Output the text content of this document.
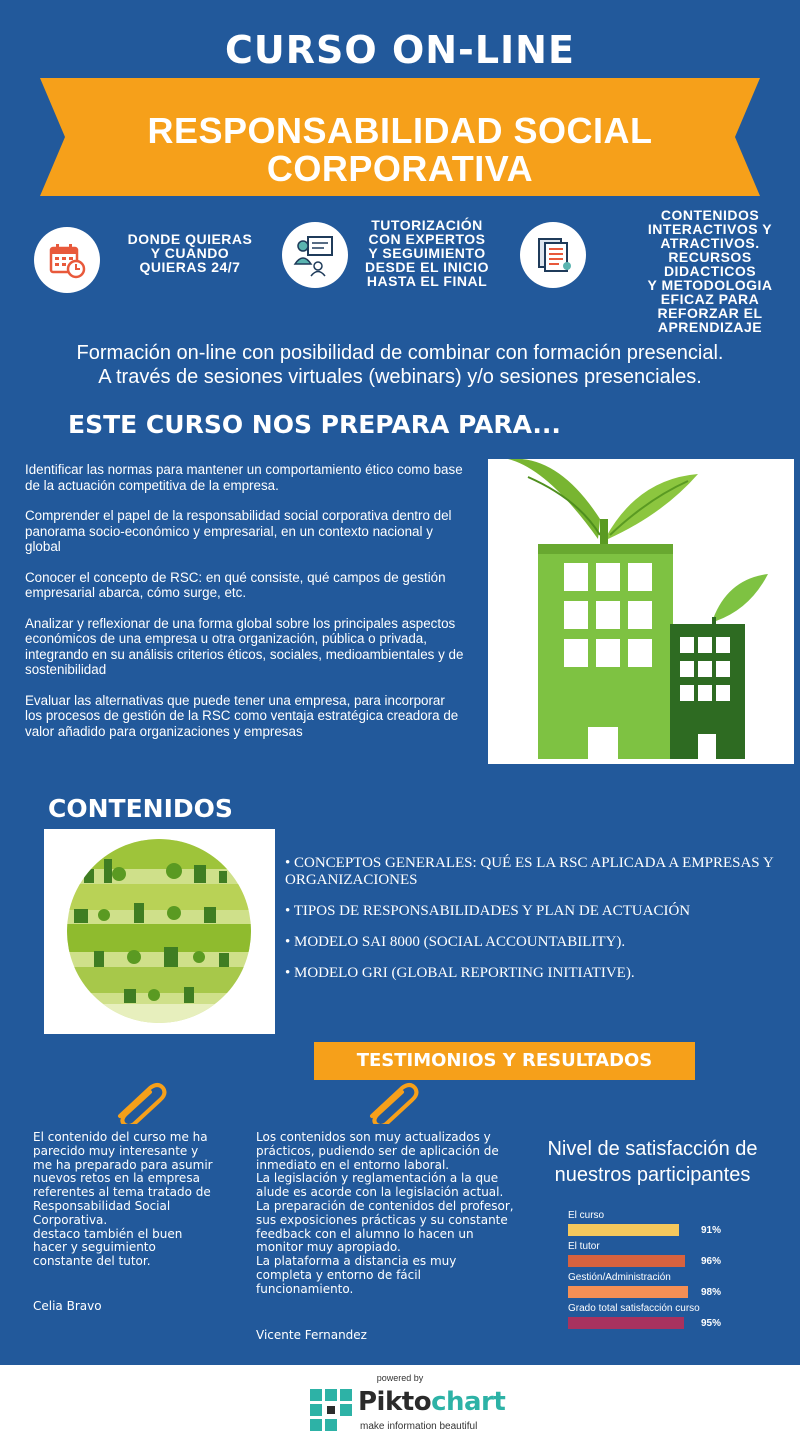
CURSO ON-LINE
RESPONSABILIDAD SOCIAL
CORPORATIVA
DONDE QUIERAS
Y CUANDO
QUIERAS 24/7
TUTORIZACIÓN
CON EXPERTOS
Y SEGUIMIENTO
DESDE EL INICIO
HASTA EL FINAL
CONTENIDOS
INTERACTIVOS Y
ATRACTIVOS.
RECURSOS DIDACTICOS
Y METODOLOGIA
EFICAZ PARA
REFORZAR EL
APRENDIZAJE
Formación on-line con posibilidad de combinar con formación presencial.
A través de sesiones virtuales (webinars) y/o sesiones presenciales.
ESTE CURSO NOS PREPARA PARA...

Identificar las normas para mantener un comportamiento ético como base de la actuación competitiva de la empresa.

Comprender el papel de la responsabilidad social corporativa dentro del panorama socio-económico y empresarial, en un contexto nacional y global

Conocer el concepto de RSC: en qué consiste, qué campos de gestión empresarial abarca, cómo surge, etc.

Analizar y reflexionar de una forma global sobre los principales aspectos económicos de una empresa u otra organización, pública o privada, integrando en su análisis criterios éticos, sociales, medioambientales y de sostenibilidad

Evaluar las alternativas que puede tener una empresa, para incorporar los procesos de gestión de la RSC como ventaja estratégica creadora de valor añadido para organizaciones y empresas

CONTENIDOS
• CONCEPTOS GENERALES: QUÉ ES LA RSC APLICADA A EMPRESAS Y ORGANIZACIONES
• TIPOS DE RESPONSABILIDADES Y PLAN DE ACTUACIÓN
• MODELO SAI 8000 (SOCIAL ACCOUNTABILITY).
• MODELO GRI (GLOBAL REPORTING INITIATIVE).
TESTIMONIOS Y RESULTADOS
El contenido del curso me ha parecido muy interesante y me ha preparado para asumir nuevos retos en la empresa referentes al tema tratado de Responsabilidad Social Corporativa.
destaco también el buen hacer y seguimiento constante del tutor.
Celia Bravo
Los contenidos son muy actualizados y prácticos, pudiendo ser de aplicación de inmediato en el entorno laboral.
La legislación y reglamentación a la que alude es acorde con la legislación actual.
La preparación de contenidos del profesor, sus exposiciones prácticas y su constante feedback con el alumno lo hacen un monitor muy apropiado.
La plataforma a distancia es muy completa y entorno de fácil funcionamiento.
Vicente Fernandez
Nivel de satisfacción de nuestros participantes
El curso
91%
El tutor
96%
Gestión/Administración
98%
Grado total satisfacción curso
95%
powered by
Piktochart
make information beautiful
